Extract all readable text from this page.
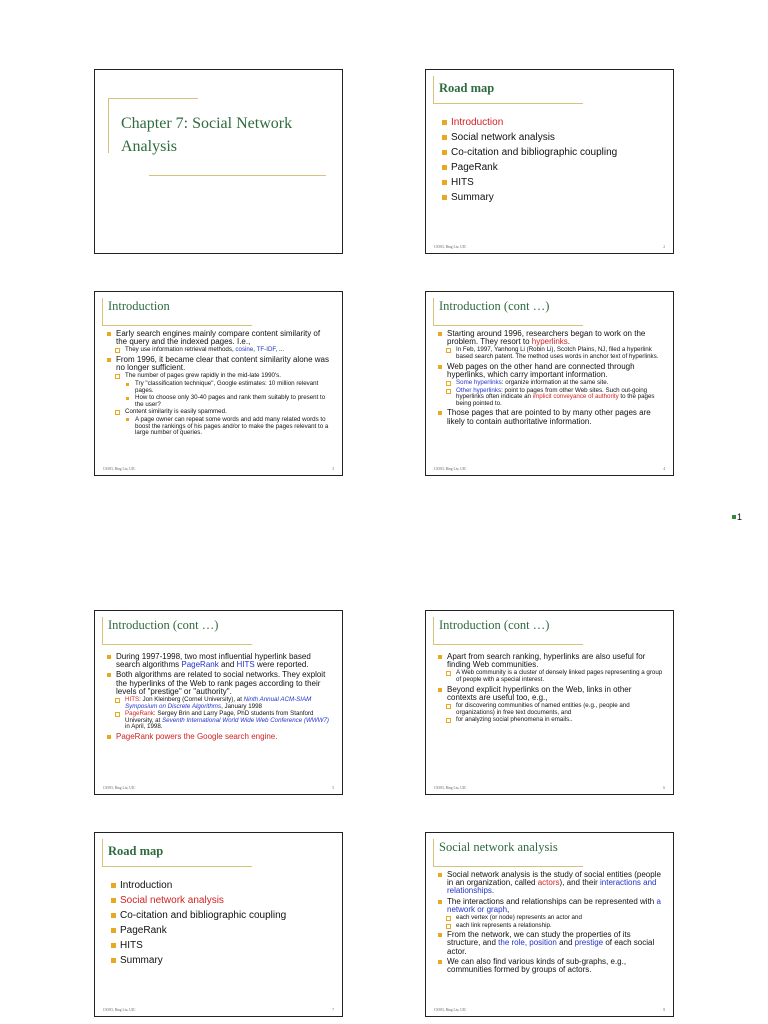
Chapter 7: Social Network Analysis
Road map
Introduction
Social network analysis
Co-citation and bibliographic coupling
PageRank
HITS
Summary
CS583, Bing Liu, UIC	2
Introduction
Early search engines mainly compare content similarity of the query and the indexed pages. I.e.,
They use information retrieval methods, cosine, TF-IDF, ...
From 1996, it became clear that content similarity alone was no longer sufficient.
The number of pages grew rapidly in the mid-late 1990's.
Try "classification technique", Google estimates: 10 million relevant pages.
How to choose only 30-40 pages and rank them suitably to present to the user?
Content similarity is easily spammed.
A page owner can repeat some words and add many related words to boost the rankings of his pages and/or to make the pages relevant to a large number of queries.
CS583, Bing Liu, UIC	3
Introduction (cont …)
Starting around 1996, researchers began to work on the problem. They resort to hyperlinks.
In Feb, 1997, Yanhong Li (Robin Li), Scotch Plains, NJ, filed a hyperlink based search patent. The method uses words in anchor text of hyperlinks.
Web pages on the other hand are connected through hyperlinks, which carry important information.
Some hyperlinks: organize information at the same site.
Other hyperlinks: point to pages from other Web sites. Such out-going hyperlinks often indicate an implicit conveyance of authority to the pages being pointed to.
Those pages that are pointed to by many other pages are likely to contain authoritative information.
CS583, Bing Liu, UIC	4
1
Introduction (cont …)
During 1997-1998, two most influential hyperlink based search algorithms PageRank and HITS were reported.
Both algorithms are related to social networks. They exploit the hyperlinks of the Web to rank pages according to their levels of "prestige" or "authority".
HITS: Jon Kleinberg (Cornel University), at Ninth Annual ACM-SIAM Symposium on Discrete Algorithms, January 1998
PageRank: Sergey Brin and Larry Page, PhD students from Stanford University, at Seventh International World Wide Web Conference (WWW7) in April, 1998.
PageRank powers the Google search engine.
CS583, Bing Liu, UIC	5
Introduction (cont …)
Apart from search ranking, hyperlinks are also useful for finding Web communities.
A Web community is a cluster of densely linked pages representing a group of people with a special interest.
Beyond explicit hyperlinks on the Web, links in other contexts are useful too, e.g.,
for discovering communities of named entities (e.g., people and organizations) in free text documents, and
for analyzing social phenomena in emails..
CS583, Bing Liu, UIC	6
Road map
Introduction
Social network analysis
Co-citation and bibliographic coupling
PageRank
HITS
Summary
CS583, Bing Liu, UIC	7
Social network analysis
Social network analysis is the study of social entities (people in an organization, called actors), and their interactions and relationships.
The interactions and relationships can be represented with a network or graph,
each vertex (or node) represents an actor and
each link represents a relationship.
From the network, we can study the properties of its structure, and the role, position and prestige of each social actor.
We can also find various kinds of sub-graphs, e.g., communities formed by groups of actors.
CS583, Bing Liu, UIC	8
